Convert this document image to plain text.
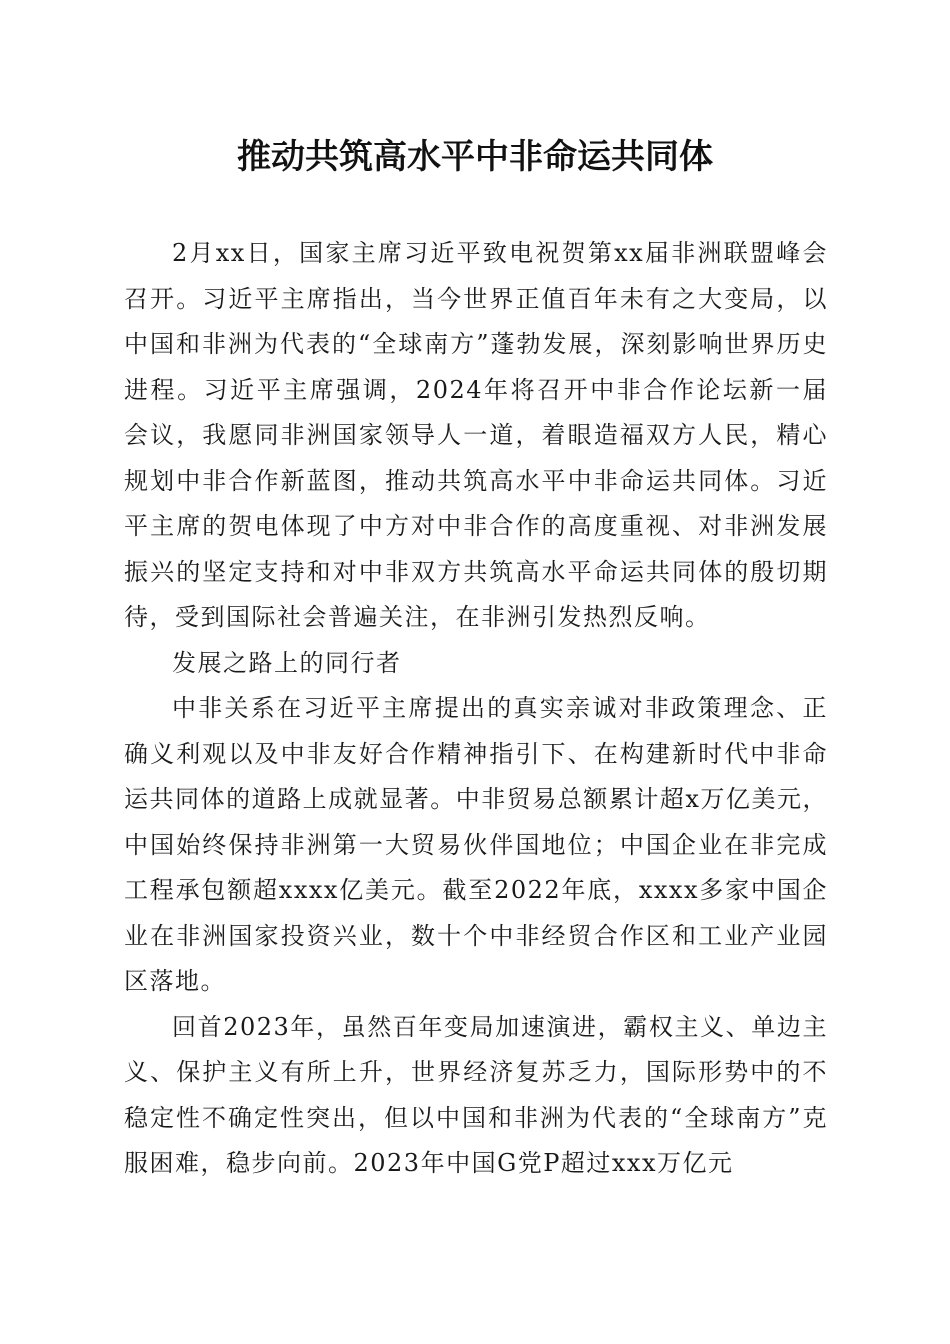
推动共筑高水平中非命运共同体

2月xx日，国家主席习近平致电祝贺第xx届非洲联盟峰会召开。习近平主席指出，当今世界正值百年未有之大变局，以中国和非洲为代表的“全球南方”蓬勃发展，深刻影响世界历史进程。习近平主席强调，2024年将召开中非合作论坛新一届会议，我愿同非洲国家领导人一道，着眼造福双方人民，精心规划中非合作新蓝图，推动共筑高水平中非命运共同体。习近平主席的贺电体现了中方对中非合作的高度重视、对非洲发展振兴的坚定支持和对中非双方共筑高水平命运共同体的殷切期待，受到国际社会普遍关注，在非洲引发热烈反响。

发展之路上的同行者

中非关系在习近平主席提出的真实亲诚对非政策理念、正确义利观以及中非友好合作精神指引下、在构建新时代中非命运共同体的道路上成就显著。中非贸易总额累计超x万亿美元，中国始终保持非洲第一大贸易伙伴国地位；中国企业在非完成工程承包额超xxxx亿美元。截至2022年底，xxxx多家中国企业在非洲国家投资兴业，数十个中非经贸合作区和工业产业园区落地。

回首2023年，虽然百年变局加速演进，霸权主义、单边主义、保护主义有所上升，世界经济复苏乏力，国际形势中的不稳定性不确定性突出，但以中国和非洲为代表的“全球南方”克服困难，稳步向前。2023年中国G党P超过xxx万亿元
